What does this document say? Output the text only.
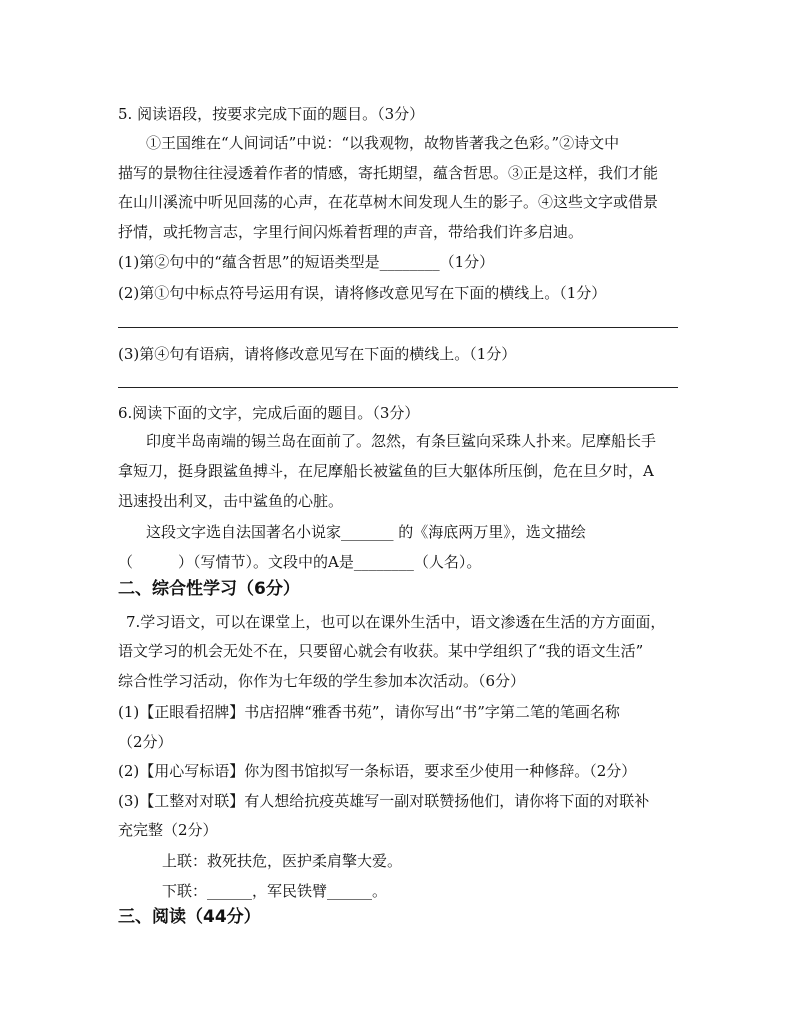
5. 阅读语段，按要求完成下面的题目。（3分）
①王国维在“人间词话”中说：“以我观物，故物皆著我之色彩。”②诗文中
描写的景物往往浸透着作者的情感，寄托期望，蕴含哲思。③正是这样，我们才能
在山川溪流中听见回荡的心声，在花草树木间发现人生的影子。④这些文字或借景
抒情，或托物言志，字里行间闪烁着哲理的声音，带给我们许多启迪。
(1)第②句中的“蕴含哲思”的短语类型是________（1分）
(2)第①句中标点符号运用有误，请将修改意见写在下面的横线上。（1分）
(3)第④句有语病，请将修改意见写在下面的横线上。（1分）
6.阅读下面的文字，完成后面的题目。（3分）
印度半岛南端的锡兰岛在面前了。忽然，有条巨鲨向采珠人扑来。尼摩船长手
拿短刀，挺身跟鲨鱼搏斗，在尼摩船长被鲨鱼的巨大躯体所压倒，危在旦夕时，A
迅速投出利叉，击中鲨鱼的心脏。
这段文字选自法国著名小说家_______ 的《海底两万里》，选文描绘
（　　　）（写情节）。文段中的A是________（人名）。
二、综合性学习（6分）
7.学习语文，可以在课堂上，也可以在课外生活中，语文渗透在生活的方方面面，
语文学习的机会无处不在，只要留心就会有收获。某中学组织了“我的语文生活”
综合性学习活动，你作为七年级的学生参加本次活动。（6分）
(1)【正眼看招牌】书店招牌“雅香书苑”，请你写出“书”字第二笔的笔画名称
（2分）
(2)【用心写标语】你为图书馆拟写一条标语，要求至少使用一种修辞。（2分）
(3)【工整对对联】有人想给抗疫英雄写一副对联赞扬他们，请你将下面的对联补
充完整（2分）
上联：救死扶危，医护柔肩擎大爱。
下联：______，军民铁臂______。
三、阅读（44分）
